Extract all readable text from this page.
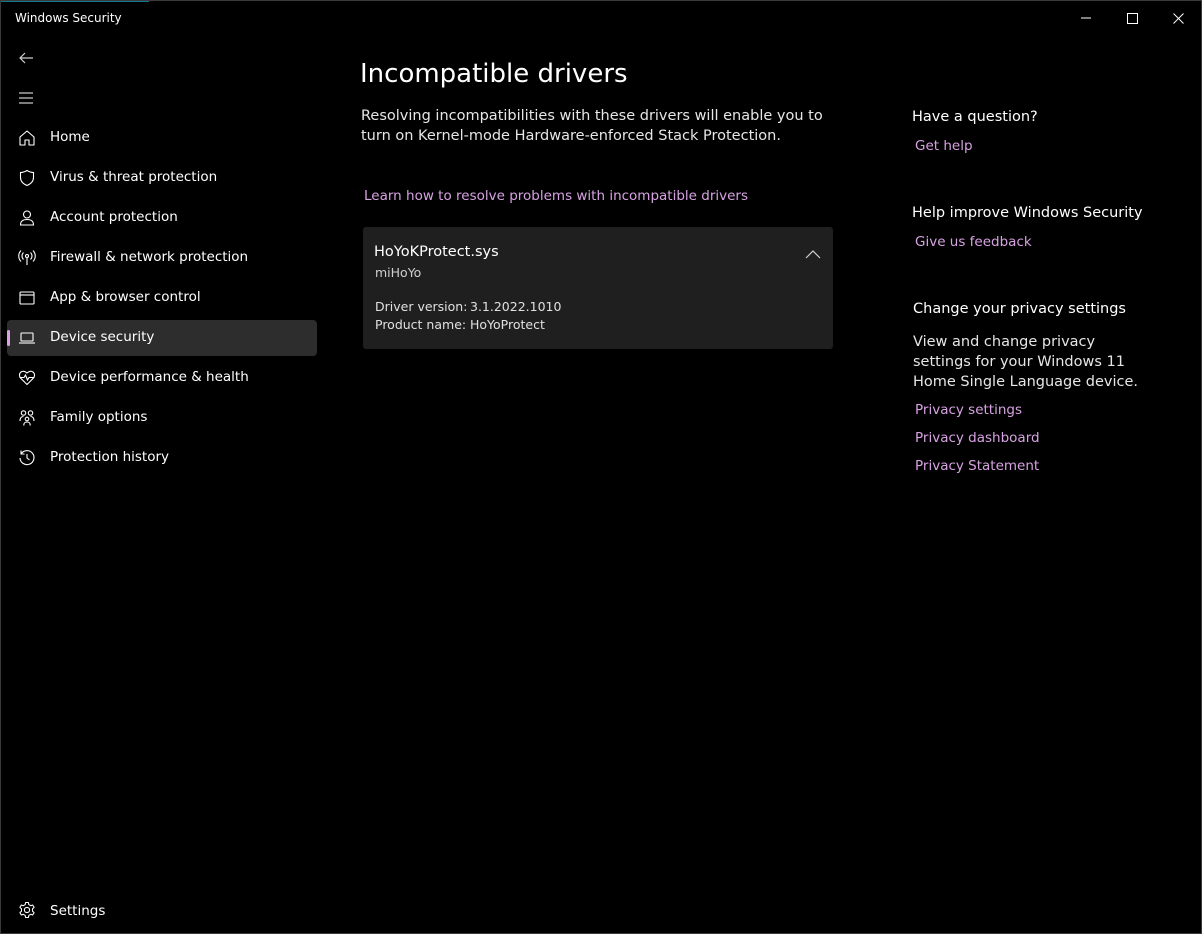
Windows Security
Home
Virus & threat protection
Account protection
Firewall & network protection
App & browser control
Device security
Device performance & health
Family options
Protection history
Incompatible drivers
Resolving incompatibilities with these drivers will enable you to turn on Kernel-mode Hardware-enforced Stack Protection.
Learn how to resolve problems with incompatible drivers
HoYoKProtect.sys
miHoYo
Driver version: 3.1.2022.1010
Product name: HoYoProtect
Have a question?
Get help
Help improve Windows Security
Give us feedback
Change your privacy settings
View and change privacy settings for your Windows 11 Home Single Language device.
Privacy settings
Privacy dashboard
Privacy Statement
Settings
